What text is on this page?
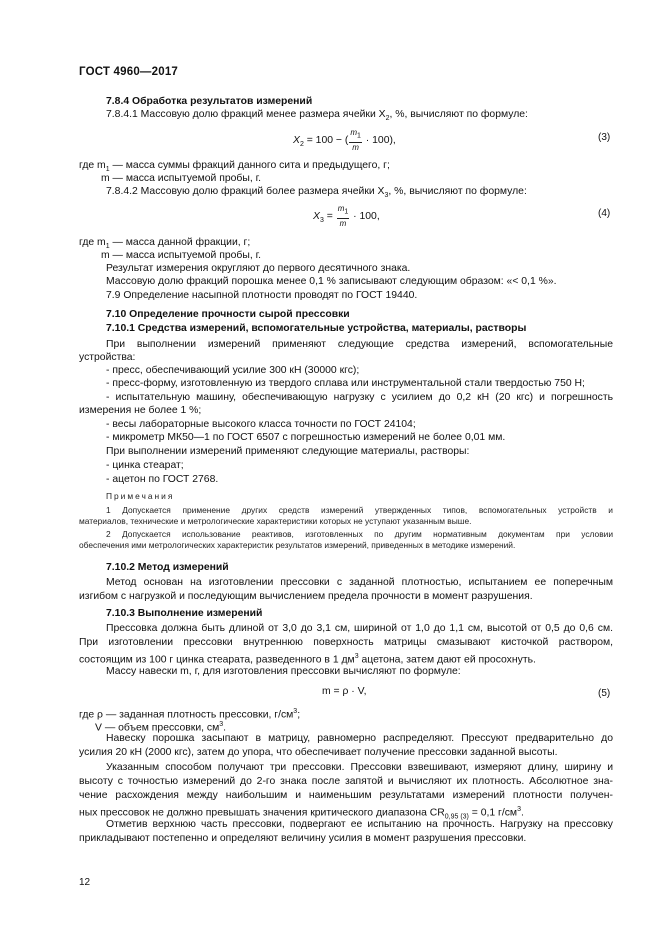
ГОСТ 4960—2017
7.8.4 Обработка результатов измерений
7.8.4.1 Массовую долю фракций менее размера ячейки $X_2$, %, вычисляют по формуле:
$X_2 = 100$ − ( $\frac{m_1}{m} \cdot 100$),	(3)
где $m_1$ — масса суммы фракций данного сита и предыдущего, г;
m — масса испытуемой пробы, г.
7.8.4.2 Массовую долю фракций более размера ячейки $X_3$, %, вычисляют по формуле:
$X_3 = \frac{m_1}{m} \cdot 100$,	(4)
где $m_1$ — масса данной фракции, г;
m — масса испытуемой пробы, г.
Результат измерения округляют до первого десятичного знака.
Массовую долю фракций порошка менее 0,1 % записывают следующим образом: «< 0,1 %».
7.9 Определение насыпной плотности проводят по ГОСТ 19440.
7.10 Определение прочности сырой прессовки
7.10.1 Средства измерений, вспомогательные устройства, материалы, растворы
При выполнении измерений применяют следующие средства измерений, вспомогательные
устройства:
- пресс, обеспечивающий усилие 300 кН (30000 кгс);
- пресс-форму, изготовленную из твердого сплава или инструментальной стали твердостью 750 H;
- испытательную машину, обеспечивающую нагрузку с усилием до 0,2 кН (20 кгс) и погрешность
измерения не более 1 %;
- весы лабораторные высокого класса точности по ГОСТ 24104;
- микрометр МК50—1 по ГОСТ 6507 с погрешностью измерений не более 0,01 мм.
При выполнении измерений применяют следующие материалы, растворы:
- цинка стеарат;
- ацетон по ГОСТ 2768.
Примечания
1 Допускается применение других средств измерений утвержденных типов, вспомогательных устройств и
материалов, технические и метрологические характеристики которых не уступают указанным выше.
2 Допускается использование реактивов, изготовленных по другим нормативным документам при условии
обеспечения ими метрологических характеристик результатов измерений, приведенных в методике измерений.
7.10.2 Метод измерений
Метод основан на изготовлении прессовки с заданной плотностью, испытанием ее поперечным
изгибом с нагрузкой и последующим вычислением предела прочности в момент разрушения.
7.10.3 Выполнение измерений
Прессовка должна быть длиной от 3,0 до 3,1 см, шириной от 1,0 до 1,1 см, высотой от 0,5 до 0,6 см.
При изготовлении прессовки внутреннюю поверхность матрицы смазывают кисточкой раствором,
состоящим из 100 г цинка стеарата, разведенного в 1 $дм^3$ ацетона, затем дают ей просохнуть.
Массу навески m, г, для изготовления прессовки вычисляют по формуле:
m = ρ · V,	(5)
где ρ — заданная плотность прессовки, $г/см^3$;
V — объем прессовки, $см^3$.
Навеску порошка засыпают в матрицу, равномерно распределяют. Прессуют предварительно до
усилия 20 кН (2000 кгс), затем до упора, что обеспечивает получение прессовки заданной высоты.
Указанным способом получают три прессовки. Прессовки взвешивают, измеряют длину, ширину и
высоту с точностью измерений до 2-го знака после запятой и вычисляют их плотность. Абсолютное зна-
чение расхождения между наибольшим и наименьшим результатами измерений плотности получен-
ных прессовок не должно превышать значения критического диапазона $CR_{0,95 (3)} = 0,1$ $г/см^3$.
Отметив верхнюю часть прессовки, подвергают ее испытанию на прочность. Нагрузку на прессовку
прикладывают постепенно и определяют величину усилия в момент разрушения прессовки.
12
